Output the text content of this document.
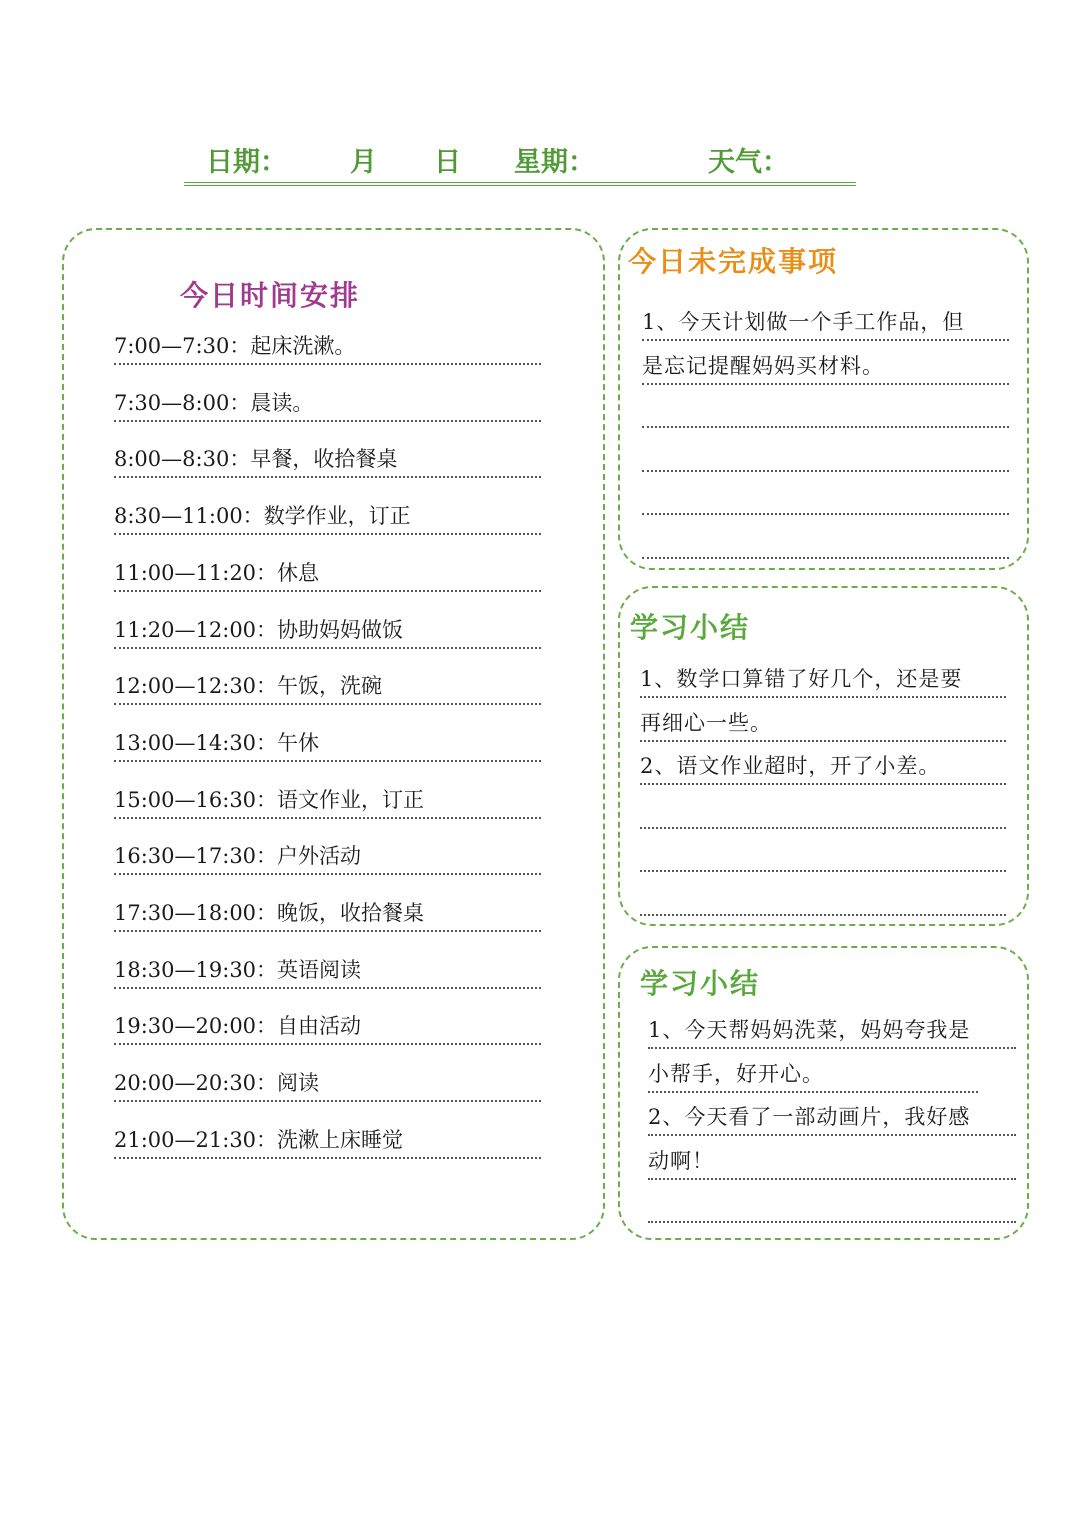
日期： 月 日 星期：	天气：
今日时间安排
7:00—7:30：起床洗漱。
7:30—8:00：晨读。
8:00—8:30：早餐，收拾餐桌
8:30—11:00：数学作业，订正
11:00—11:20：休息
11:20—12:00：协助妈妈做饭
12:00—12:30：午饭，洗碗
13:00—14:30：午休
15:00—16:30：语文作业，订正
16:30—17:30：户外活动
17:30—18:00：晚饭，收拾餐桌
18:30—19:30：英语阅读
19:30—20:00：自由活动
20:00—20:30：阅读
21:00—21:30：洗漱上床睡觉
今日未完成事项
1、今天计划做一个手工作品，但
是忘记提醒妈妈买材料。
学习小结
1、数学口算错了好几个，还是要
再细心一些。
2、语文作业超时，开了小差。
学习小结
1、今天帮妈妈洗菜，妈妈夸我是
小帮手，好开心。
2、今天看了一部动画片，我好感
动啊！
